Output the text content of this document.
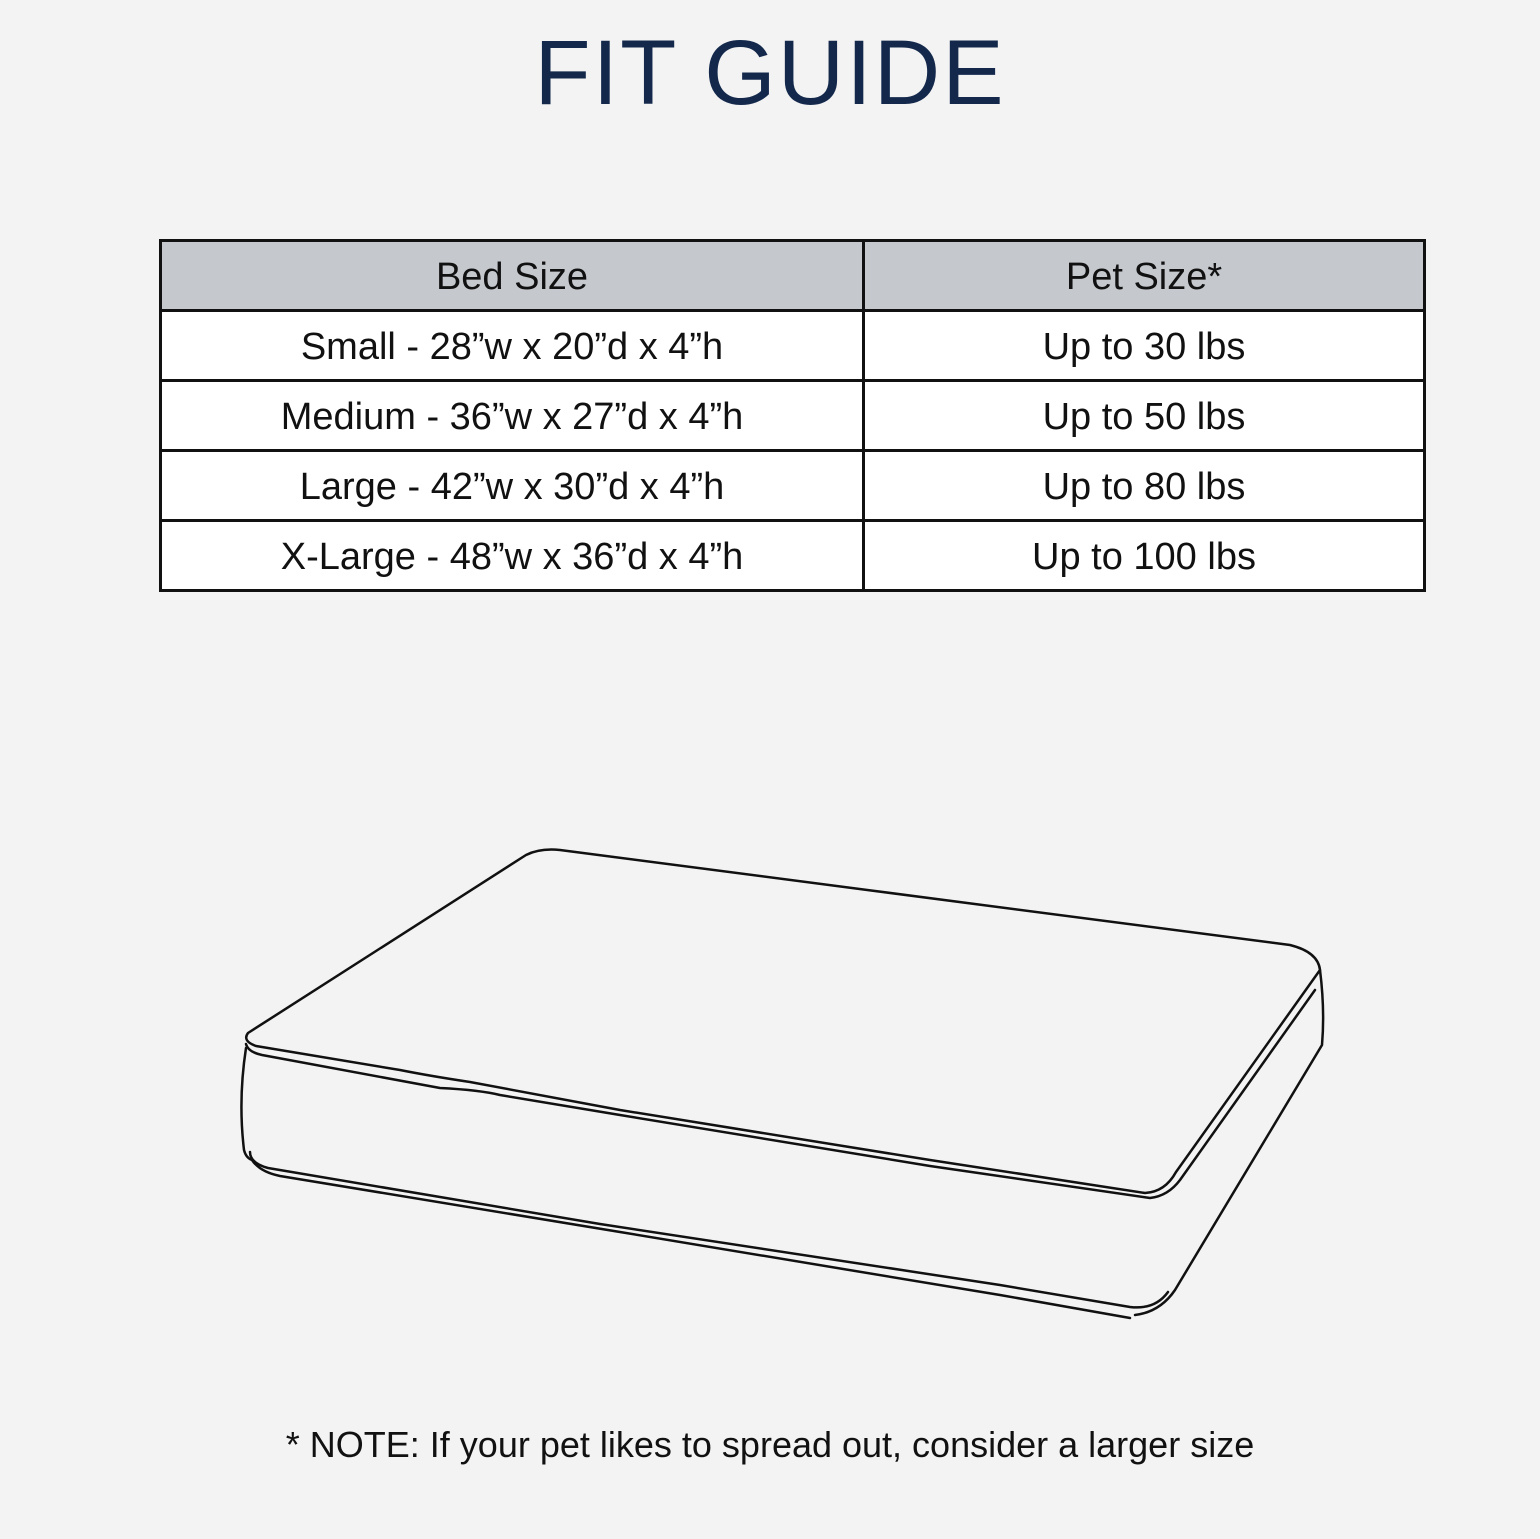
FIT GUIDE
Bed Size	Pet Size*
Small - 28”w x 20”d x 4”h	Up to 30 lbs
Medium - 36”w x 27”d x 4”h	Up to 50 lbs
Large - 42”w x 30”d x 4”h	Up to 80 lbs
X-Large - 48”w x 36”d x 4”h	Up to 100 lbs
* NOTE: If your pet likes to spread out, consider a larger size
